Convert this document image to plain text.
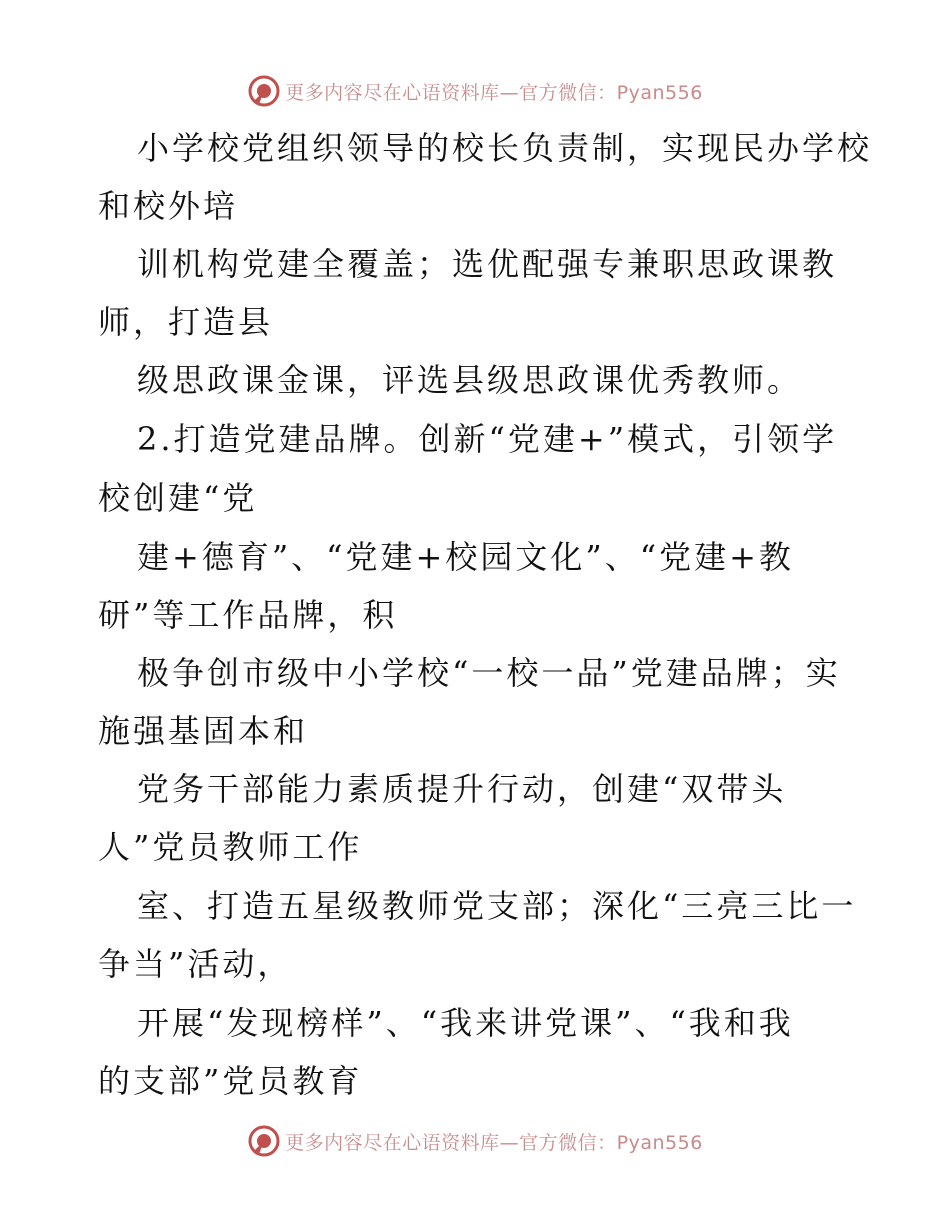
更多内容尽在心语资料库—官方微信：Pyan556
小学校党组织领导的校长负责制，实现民办学校
和校外培
训机构党建全覆盖；选优配强专兼职思政课教
师，打造县
级思政课金课，评选县级思政课优秀教师。
2.打造党建品牌。创新“党建+”模式，引领学
校创建“党
建+德育”、“党建+校园文化”、“党建+教
研”等工作品牌，积
极争创市级中小学校“一校一品”党建品牌；实
施强基固本和
党务干部能力素质提升行动，创建“双带头
人”党员教师工作
室、打造五星级教师党支部；深化“三亮三比一
争当”活动，
开展“发现榜样”、“我来讲党课”、“我和我
的支部”党员教育
更多内容尽在心语资料库—官方微信：Pyan556
